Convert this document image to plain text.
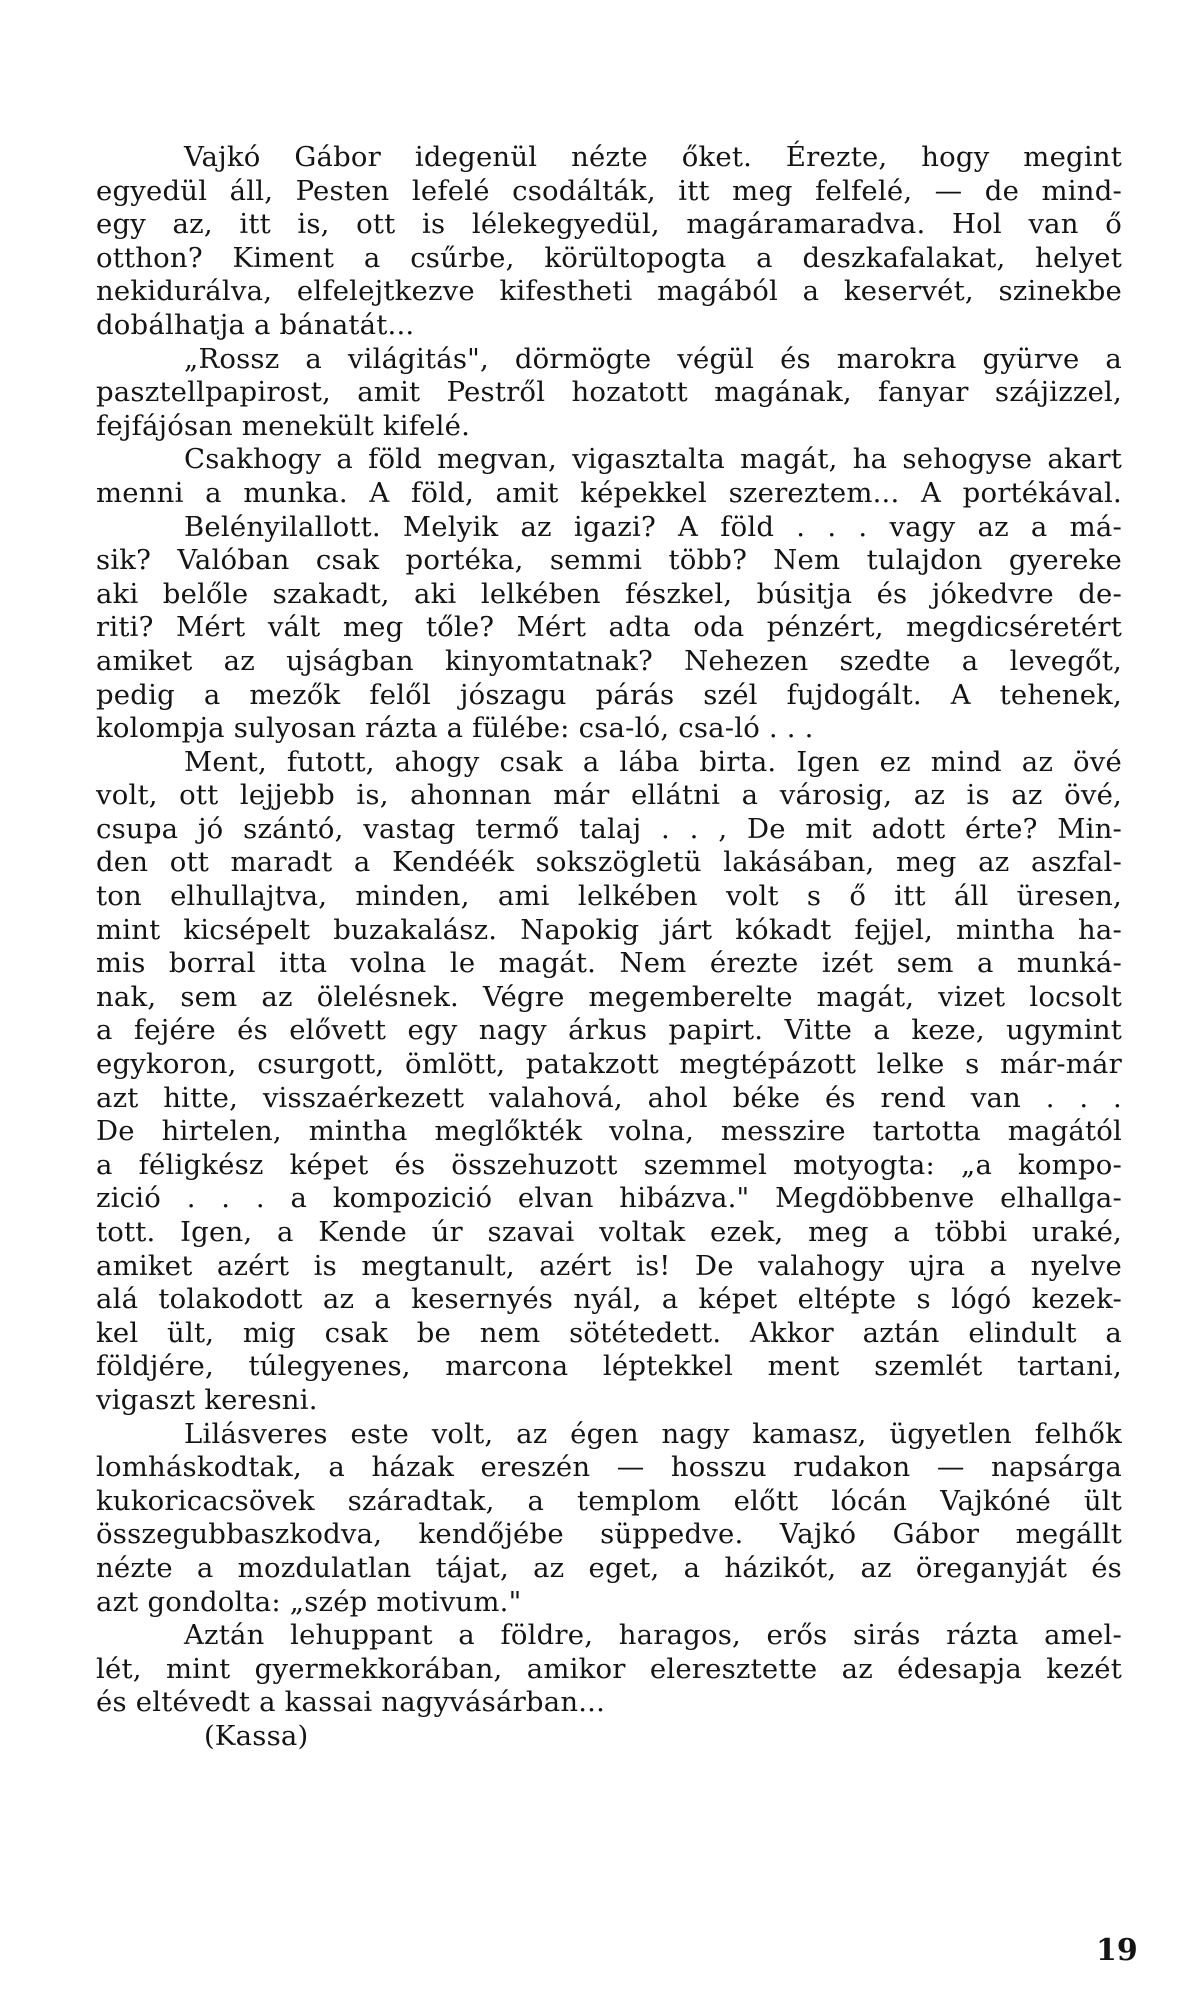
Vajkó Gábor idegenül nézte őket. Érezte, hogy megint
egyedül áll, Pesten lefelé csodálták, itt meg felfelé, — de mind-
egy az, itt is, ott is lélekegyedül, magáramaradva. Hol van ő
otthon? Kiment a csűrbe, körültopogta a deszkafalakat, helyet
nekidurálva, elfelejtkezve kifestheti magából a keservét, szinekbe
dobálhatja a bánatát...
„Rossz a világitás", dörmögte végül és marokra gyürve a
pasztellpapirost, amit Pestről hozatott magának, fanyar szájizzel,
fejfájósan menekült kifelé.
Csakhogy a föld megvan, vigasztalta magát, ha sehogyse akart
menni a munka. A föld, amit képekkel szereztem... A portékával.
Belényilallott. Melyik az igazi? A föld . . . vagy az a má-
sik? Valóban csak portéka, semmi több? Nem tulajdon gyereke
aki belőle szakadt, aki lelkében fészkel, búsitja és jókedvre de-
riti? Mért vált meg tőle? Mért adta oda pénzért, megdicséretért
amiket az ujságban kinyomtatnak? Nehezen szedte a levegőt,
pedig a mezők felől jószagu párás szél fujdogált. A tehenek,
kolompja sulyosan rázta a fülébe: csa-ló, csa-ló . . .
Ment, futott, ahogy csak a lába birta. Igen ez mind az övé
volt, ott lejjebb is, ahonnan már ellátni a városig, az is az övé,
csupa jó szántó, vastag termő talaj . . , De mit adott érte? Min-
den ott maradt a Kendéék sokszögletü lakásában, meg az aszfal-
ton elhullajtva, minden, ami lelkében volt s ő itt áll üresen,
mint kicsépelt buzakalász. Napokig járt kókadt fejjel, mintha ha-
mis borral itta volna le magát. Nem érezte izét sem a munká-
nak, sem az ölelésnek. Végre megemberelte magát, vizet locsolt
a fejére és elővett egy nagy árkus papirt. Vitte a keze, ugymint
egykoron, csurgott, ömlött, patakzott megtépázott lelke s már-már
azt hitte, visszaérkezett valahová, ahol béke és rend van . . .
De hirtelen, mintha meglőkték volna, messzire tartotta magától
a féligkész képet és összehuzott szemmel motyogta: „a kompo-
zició . . . a kompozició elvan hibázva." Megdöbbenve elhallga-
tott. Igen, a Kende úr szavai voltak ezek, meg a többi uraké,
amiket azért is megtanult, azért is! De valahogy ujra a nyelve
alá tolakodott az a kesernyés nyál, a képet eltépte s lógó kezek-
kel ült, mig csak be nem sötétedett. Akkor aztán elindult a
földjére, túlegyenes, marcona léptekkel ment szemlét tartani,
vigaszt keresni.
Lilásveres este volt, az égen nagy kamasz, ügyetlen felhők
lomháskodtak, a házak ereszén — hosszu rudakon — napsárga
kukoricacsövek száradtak, a templom előtt lócán Vajkóné ült
összegubbaszkodva, kendőjébe süppedve. Vajkó Gábor megállt
nézte a mozdulatlan tájat, az eget, a házikót, az öreganyját és
azt gondolta: „szép motivum."
Aztán lehuppant a földre, haragos, erős sirás rázta amel-
lét, mint gyermekkorában, amikor eleresztette az édesapja kezét
és eltévedt a kassai nagyvásárban...
(Kassa)
19
